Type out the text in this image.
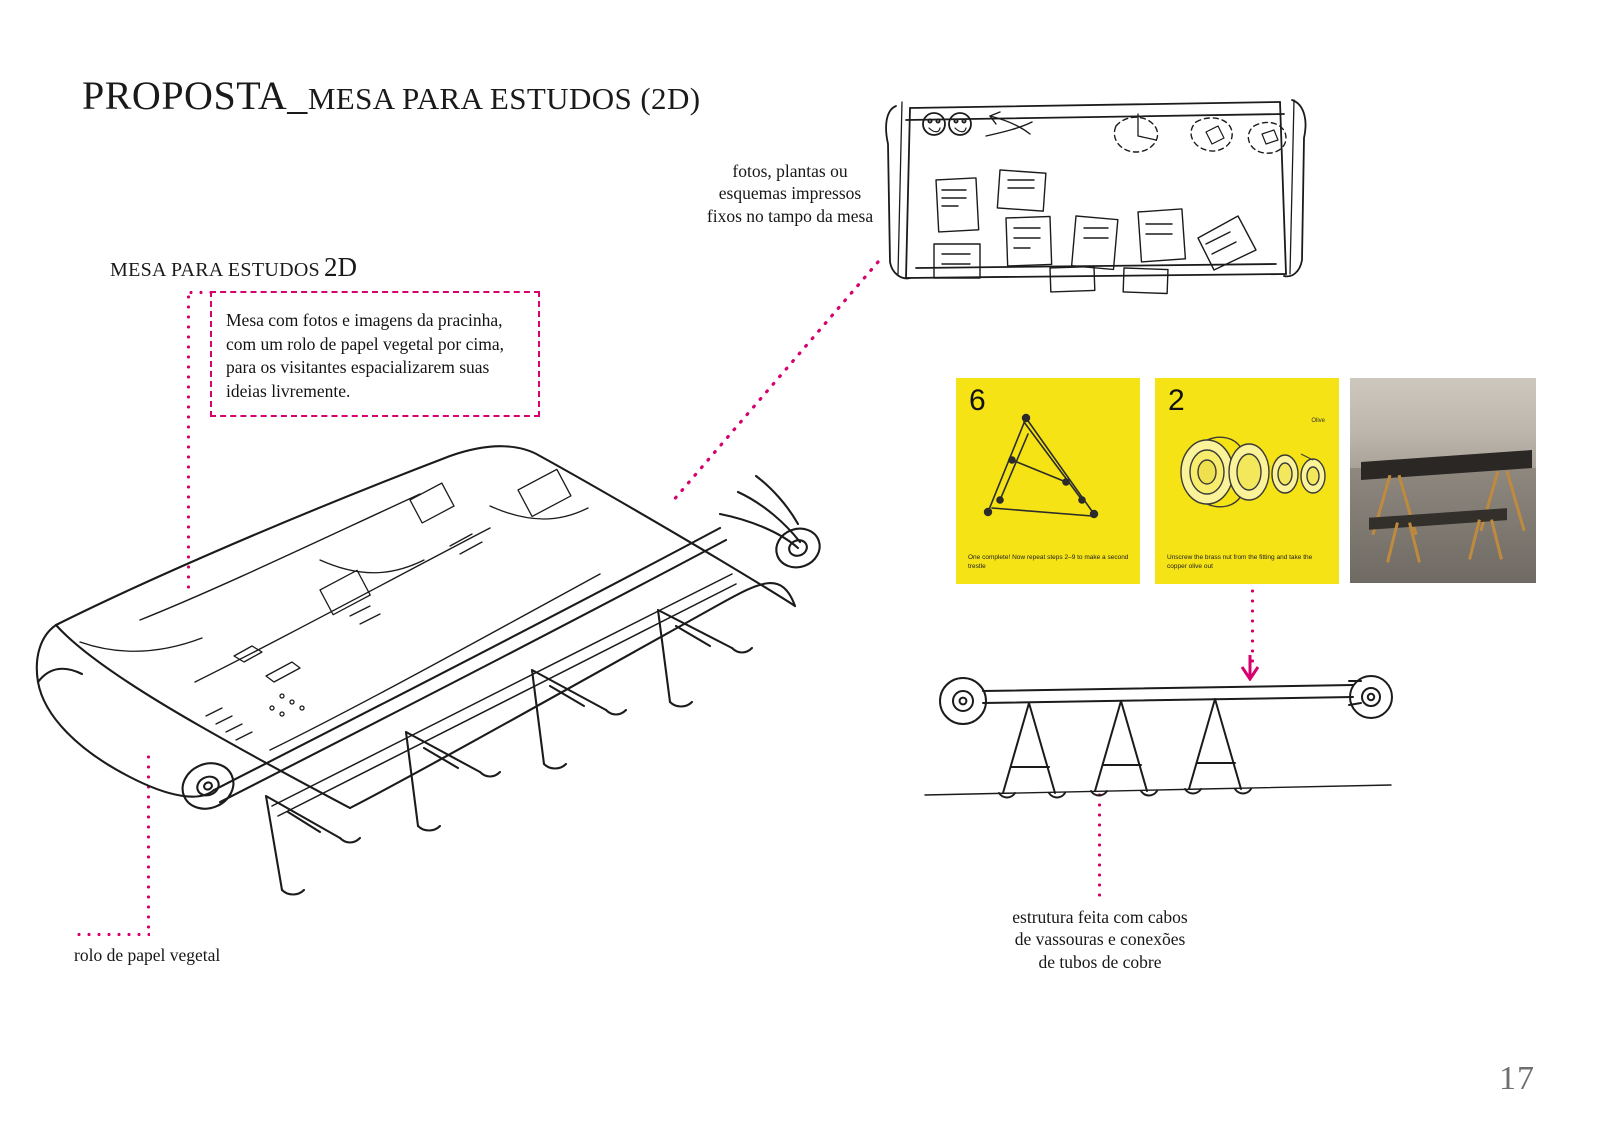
PROPOSTA_MESA PARA ESTUDOS (2D)
MESA PARA ESTUDOS 2D
Mesa com fotos e imagens da pracinha, com um rolo de papel vegetal por cima, para os visitantes espacializarem suas ideias livremente.
rolo de papel vegetal
fotos, plantas ou esquemas impressos fixos no tampo da mesa
estrutura feita com cabos de vassouras e conexões de tubos de cobre
6
One complete! Now repeat steps 2–9 to make a second trestle
2
Olive
Unscrew the brass nut from the fitting and take the copper olive out
17
